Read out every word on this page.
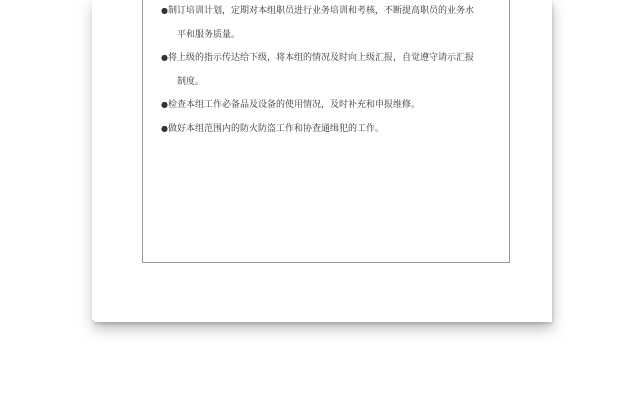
●制订培训计划，定期对本组职员进行业务培训和考核，不断提高职员的业务水
平和服务质量。
●将上级的指示传达给下级，将本组的情况及时向上级汇报，自觉遵守请示汇报
制度。
●检查本组工作必备品及设备的使用情况，及时补充和申报维修。
●做好本组范围内的防火防盗工作和协查通缉犯的工作。
